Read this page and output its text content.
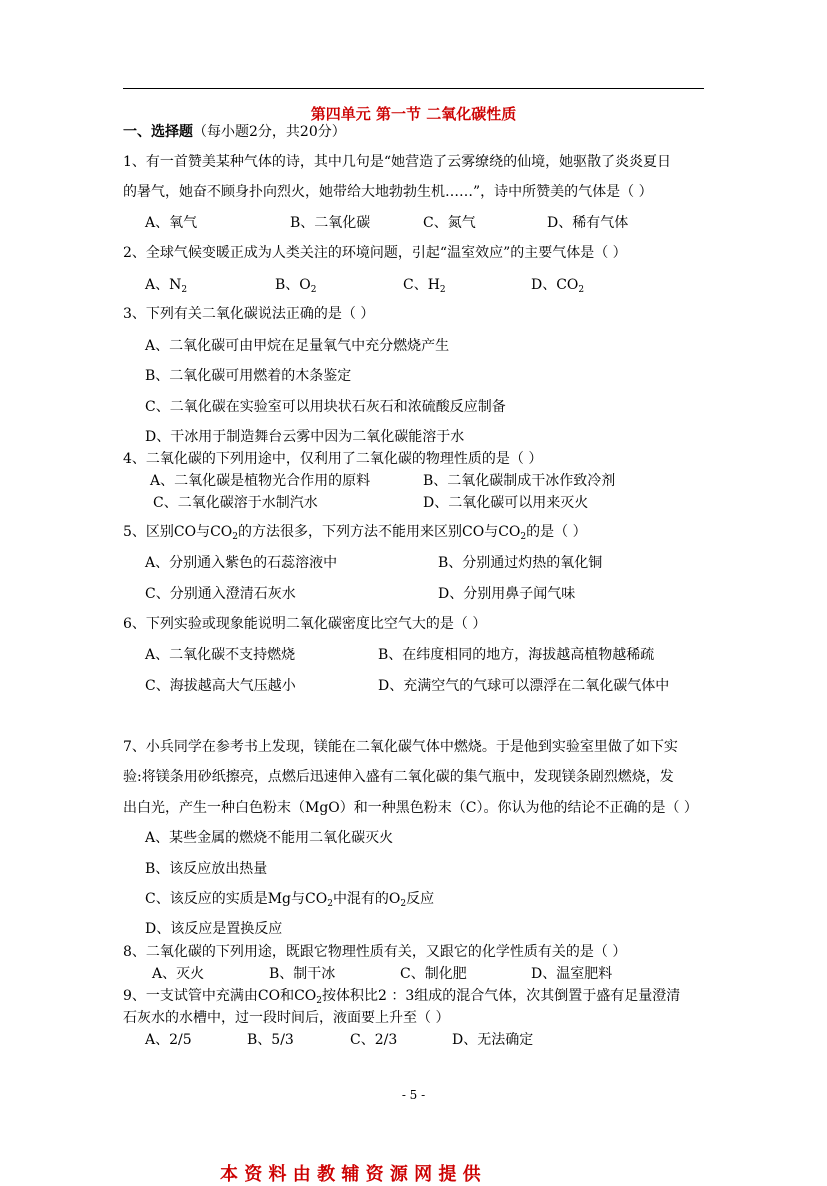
第四单元 第一节 二氧化碳性质
一、选择题（每小题2分，共20分）
1、有一首赞美某种气体的诗，其中几句是“她营造了云雾缭绕的仙境，她驱散了炎炎夏日
的暑气，她奋不顾身扑向烈火，她带给大地勃勃生机……”，诗中所赞美的气体是（ ）
A、氧气	B、二氧化碳	C、氮气	D、稀有气体
2、全球气候变暖正成为人类关注的环境问题，引起“温室效应”的主要气体是（ ）
A、$N_2$	B、$O_2$	C、$H_2$	D、$CO_2$
3、下列有关二氧化碳说法正确的是（ ）
A、二氧化碳可由甲烷在足量氧气中充分燃烧产生
B、二氧化碳可用燃着的木条鉴定
C、二氧化碳在实验室可以用块状石灰石和浓硫酸反应制备
D、干冰用于制造舞台云雾中因为二氧化碳能溶于水
4、二氧化碳的下列用途中，仅利用了二氧化碳的物理性质的是（ ）
A、二氧化碳是植物光合作用的原料	B、二氧化碳制成干冰作致冷剂
C、二氧化碳溶于水制汽水	D、二氧化碳可以用来灭火
5、区别CO与$CO_2$的方法很多，下列方法不能用来区别CO与$CO_2$的是（ ）
A、分别通入紫色的石蕊溶液中	B、分别通过灼热的氧化铜
C、分别通入澄清石灰水	D、分别用鼻子闻气味
6、下列实验或现象能说明二氧化碳密度比空气大的是（ ）
A、二氧化碳不支持燃烧	B、在纬度相同的地方，海拔越高植物越稀疏
C、海拔越高大气压越小	D、充满空气的气球可以漂浮在二氧化碳气体中
7、小兵同学在参考书上发现，镁能在二氧化碳气体中燃烧。于是他到实验室里做了如下实
验:将镁条用砂纸擦亮，点燃后迅速伸入盛有二氧化碳的集气瓶中，发现镁条剧烈燃烧，发
出白光，产生一种白色粉末（MgO）和一种黑色粉末（C）。你认为他的结论不正确的是（ ）
A、某些金属的燃烧不能用二氧化碳灭火
B、该反应放出热量
C、该反应的实质是Mg与$CO_2$中混有的$O_2$反应
D、该反应是置换反应
8、二氧化碳的下列用途，既跟它物理性质有关，又跟它的化学性质有关的是（ ）
A、灭火	B、制干冰	C、制化肥	D、温室肥料
9、一支试管中充满由CO和$CO_2$按体积比2 ：3组成的混合气体，次其倒置于盛有足量澄清
石灰水的水槽中，过一段时间后，液面要上升至（ ）
A、2/5	B、5/3	C、2/3	D、无法确定
- 5 -
本 资 料 由 教 辅 资 源 网 提 供
